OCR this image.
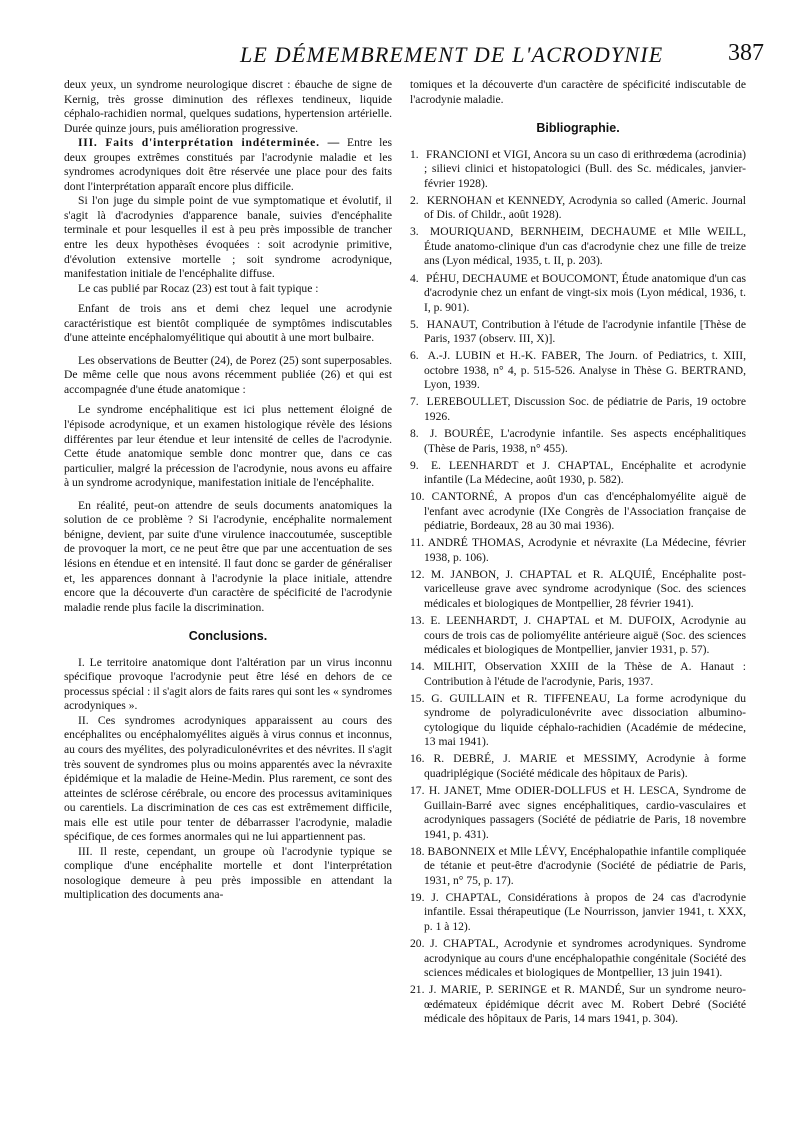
LE DÉMEMBREMENT DE L'ACRODYNIE	387

deux yeux, un syndrome neurologique discret : ébauche de signe de Kernig, très grosse diminution des réflexes tendineux, liquide céphalo-rachidien normal, quelques sudations, hypertension artérielle. Durée quinze jours, puis amélioration progressive.

III. Faits d'interprétation indéterminée. — Entre les deux groupes extrêmes constitués par l'acrodynie maladie et les syndromes acrodyniques doit être réservée une place pour des faits dont l'interprétation apparaît encore plus difficile.

Si l'on juge du simple point de vue symptomatique et évolutif, il s'agit là d'acrodynies d'apparence banale, suivies d'encéphalite terminale et pour lesquelles il est à peu près impossible de trancher entre les deux hypothèses évoquées : soit acrodynie primitive, d'évolution extensive mortelle ; soit syndrome acrodynique, manifestation initiale de l'encéphalite diffuse.

Le cas publié par Rocaz (23) est tout à fait typique :

Enfant de trois ans et demi chez lequel une acrodynie caractéristique est bientôt compliquée de symptômes indiscutables d'une atteinte encéphalomyélitique qui aboutit à une mort bulbaire.

Les observations de Beutter (24), de Porez (25) sont superposables. De même celle que nous avons récemment publiée (26) et qui est accompagnée d'une étude anatomique :

Le syndrome encéphalitique est ici plus nettement éloigné de l'épisode acrodynique, et un examen histologique révèle des lésions différentes par leur étendue et leur intensité de celles de l'acrodynie. Cette étude anatomique semble donc montrer que, dans ce cas particulier, malgré la précession de l'acrodynie, nous avons eu affaire à un syndrome acrodynique, manifestation initiale de l'encéphalite.

En réalité, peut-on attendre de seuls documents anatomiques la solution de ce problème ? Si l'acrodynie, encéphalite normalement bénigne, devient, par suite d'une virulence inaccoutumée, susceptible de provoquer la mort, ce ne peut être que par une accentuation de ses lésions en étendue et en intensité. Il faut donc se garder de généraliser et, les apparences donnant à l'acrodynie la place initiale, attendre encore que la découverte d'un caractère de spécificité de l'acrodynie maladie rende plus facile la discrimination.

Conclusions.

I. Le territoire anatomique dont l'altération par un virus inconnu spécifique provoque l'acrodynie peut être lésé en dehors de ce processus spécial : il s'agit alors de faits rares qui sont les « syndromes acrodyniques ».

II. Ces syndromes acrodyniques apparaissent au cours des encéphalites ou encéphalomyélites aiguës à virus connus et inconnus, au cours des myélites, des polyradiculonévrites et des névrites. Il s'agit très souvent de syndromes plus ou moins apparentés avec la névraxite épidémique et la maladie de Heine-Medin. Plus rarement, ce sont des atteintes de sclérose cérébrale, ou encore des processus avitaminiques ou carentiels. La discrimination de ces cas est extrêmement difficile, mais elle est utile pour tenter de débarrasser l'acrodynie, maladie spécifique, de ces formes anormales qui ne lui appartiennent pas.

III. Il reste, cependant, un groupe où l'acrodynie typique se complique d'une encéphalite mortelle et dont l'interprétation nosologique demeure à peu près impossible en attendant la multiplication des documents ana-

tomiques et la découverte d'un caractère de spécificité indiscutable de l'acrodynie maladie.

Bibliographie.

1. FRANCIONI et VIGI, Ancora su un caso di erithrœdema (acrodinia) ; silievi clinici et histopatologici (Bull. des Sc. médicales, janvier-février 1928).
2. KERNOHAN et KENNEDY, Acrodynia so called (Americ. Journal of Dis. of Childr., août 1928).
3. MOURIQUAND, BERNHEIM, DECHAUME et Mlle WEILL, Étude anatomo-clinique d'un cas d'acrodynie chez une fille de treize ans (Lyon médical, 1935, t. II, p. 203).
4. PÉHU, DECHAUME et BOUCOMONT, Étude anatomique d'un cas d'acrodynie chez un enfant de vingt-six mois (Lyon médical, 1936, t. I, p. 901).
5. HANAUT, Contribution à l'étude de l'acrodynie infantile [Thèse de Paris, 1937 (observ. III, X)].
6. A.-J. LUBIN et H.-K. FABER, The Journ. of Pediatrics, t. XIII, octobre 1938, n° 4, p. 515-526. Analyse in Thèse G. BERTRAND, Lyon, 1939.
7. LEREBOULLET, Discussion Soc. de pédiatrie de Paris, 19 octobre 1926.
8. J. BOURÉE, L'acrodynie infantile. Ses aspects encéphalitiques (Thèse de Paris, 1938, n° 455).
9. E. LEENHARDT et J. CHAPTAL, Encéphalite et acrodynie infantile (La Médecine, août 1930, p. 582).
10. CANTORNÉ, A propos d'un cas d'encéphalomyélite aiguë de l'enfant avec acrodynie (IXe Congrès de l'Association française de pédiatrie, Bordeaux, 28 au 30 mai 1936).
11. ANDRÉ THOMAS, Acrodynie et névraxite (La Médecine, février 1938, p. 106).
12. M. JANBON, J. CHAPTAL et R. ALQUIÉ, Encéphalite post-varicelleuse grave avec syndrome acrodynique (Soc. des sciences médicales et biologiques de Montpellier, 28 février 1941).
13. E. LEENHARDT, J. CHAPTAL et M. DUFOIX, Acrodynie au cours de trois cas de poliomyélite antérieure aiguë (Soc. des sciences médicales et biologiques de Montpellier, janvier 1931, p. 57).
14. MILHIT, Observation XXIII de la Thèse de A. Hanaut : Contribution à l'étude de l'acrodynie, Paris, 1937.
15. G. GUILLAIN et R. TIFFENEAU, La forme acrodynique du syndrome de polyradiculonévrite avec dissociation albumino-cytologique du liquide céphalo-rachidien (Académie de médecine, 13 mai 1941).
16. R. DEBRÉ, J. MARIE et MESSIMY, Acrodynie à forme quadriplégique (Société médicale des hôpitaux de Paris).
17. H. JANET, Mme ODIER-DOLLFUS et H. LESCA, Syndrome de Guillain-Barré avec signes encéphalitiques, cardio-vasculaires et acrodyniques passagers (Société de pédiatrie de Paris, 18 novembre 1941, p. 431).
18. BABONNEIX et Mlle LÉVY, Encéphalopathie infantile compliquée de tétanie et peut-être d'acrodynie (Société de pédiatrie de Paris, 1931, n° 75, p. 17).
19. J. CHAPTAL, Considérations à propos de 24 cas d'acrodynie infantile. Essai thérapeutique (Le Nourrisson, janvier 1941, t. XXX, p. 1 à 12).
20. J. CHAPTAL, Acrodynie et syndromes acrodyniques. Syndrome acrodynique au cours d'une encéphalopathie congénitale (Société des sciences médicales et biologiques de Montpellier, 13 juin 1941).
21. J. MARIE, P. SERINGE et R. MANDÉ, Sur un syndrome neuro-œdémateux épidémique décrit avec M. Robert Debré (Société médicale des hôpitaux de Paris, 14 mars 1941, p. 304).
